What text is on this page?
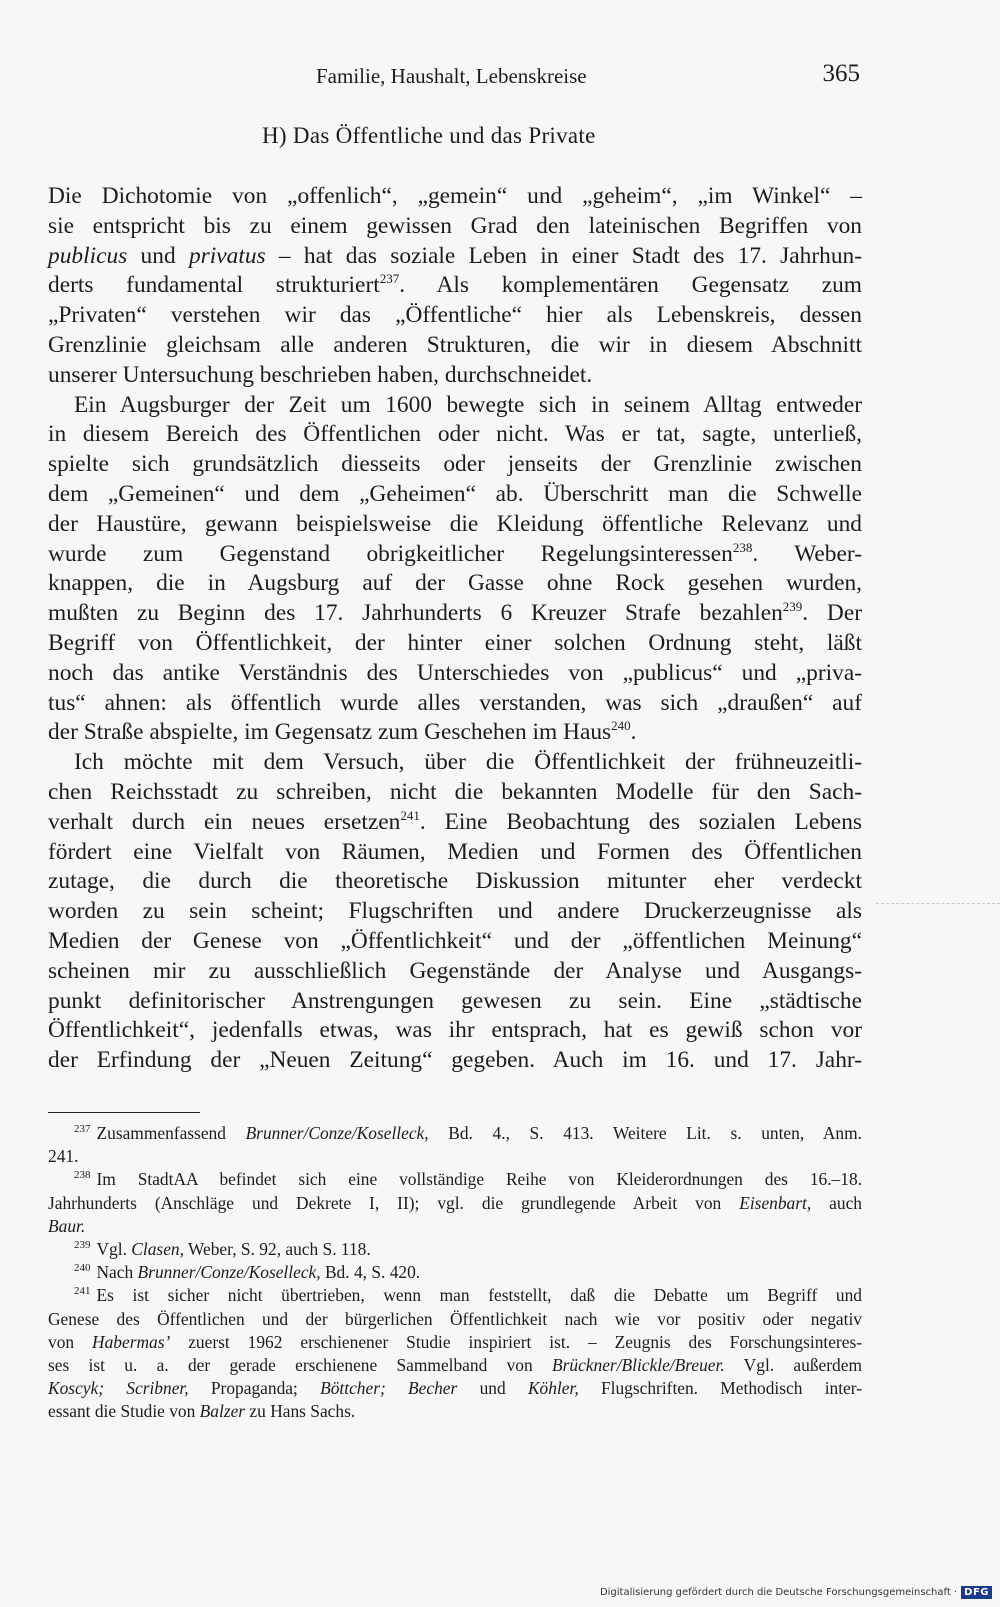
Familie, Haushalt, Lebenskreise	365
H) Das Öffentliche und das Private

Die Dichotomie von „offenlich“, „gemein“ und „geheim“, „im Winkel“ –
sie entspricht bis zu einem gewissen Grad den lateinischen Begriffen von
publicus und privatus – hat das soziale Leben in einer Stadt des 17. Jahrhun-
derts fundamental strukturiert$^{237}$. Als komplementären Gegensatz zum
„Privaten“ verstehen wir das „Öffentliche“ hier als Lebenskreis, dessen
Grenzlinie gleichsam alle anderen Strukturen, die wir in diesem Abschnitt
unserer Untersuchung beschrieben haben, durchschneidet.

Ein Augsburger der Zeit um 1600 bewegte sich in seinem Alltag entweder
in diesem Bereich des Öffentlichen oder nicht. Was er tat, sagte, unterließ,
spielte sich grundsätzlich diesseits oder jenseits der Grenzlinie zwischen
dem „Gemeinen“ und dem „Geheimen“ ab. Überschritt man die Schwelle
der Haustüre, gewann beispielsweise die Kleidung öffentliche Relevanz und
wurde zum Gegenstand obrigkeitlicher Regelungsinteressen$^{238}$. Weber-
knappen, die in Augsburg auf der Gasse ohne Rock gesehen wurden,
mußten zu Beginn des 17. Jahrhunderts 6 Kreuzer Strafe bezahlen$^{239}$. Der
Begriff von Öffentlichkeit, der hinter einer solchen Ordnung steht, läßt
noch das antike Verständnis des Unterschiedes von „publicus“ und „priva-
tus“ ahnen: als öffentlich wurde alles verstanden, was sich „draußen“ auf
der Straße abspielte, im Gegensatz zum Geschehen im Haus$^{240}$.

Ich möchte mit dem Versuch, über die Öffentlichkeit der frühneuzeitli-
chen Reichsstadt zu schreiben, nicht die bekannten Modelle für den Sach-
verhalt durch ein neues ersetzen$^{241}$. Eine Beobachtung des sozialen Lebens
fördert eine Vielfalt von Räumen, Medien und Formen des Öffentlichen
zutage, die durch die theoretische Diskussion mitunter eher verdeckt
worden zu sein scheint; Flugschriften und andere Druckerzeugnisse als
Medien der Genese von „Öffentlichkeit“ und der „öffentlichen Meinung“
scheinen mir zu ausschließlich Gegenstände der Analyse und Ausgangs-
punkt definitorischer Anstrengungen gewesen zu sein. Eine „städtische
Öffentlichkeit“, jedenfalls etwas, was ihr entsprach, hat es gewiß schon vor
der Erfindung der „Neuen Zeitung“ gegeben. Auch im 16. und 17. Jahr-

$^{237}$ Zusammenfassend Brunner/Conze/Koselleck, Bd. 4., S. 413. Weitere Lit. s. unten, Anm.
241.

$^{238}$ Im StadtAA befindet sich eine vollständige Reihe von Kleiderordnungen des 16.–18.
Jahrhunderts (Anschläge und Dekrete I, II); vgl. die grundlegende Arbeit von Eisenbart, auch
Baur.

$^{239}$ Vgl. Clasen, Weber, S. 92, auch S. 118.

$^{240}$ Nach Brunner/Conze/Koselleck, Bd. 4, S. 420.

$^{241}$ Es ist sicher nicht übertrieben, wenn man feststellt, daß die Debatte um Begriff und
Genese des Öffentlichen und der bürgerlichen Öffentlichkeit nach wie vor positiv oder negativ
von Habermas’ zuerst 1962 erschienener Studie inspiriert ist. – Zeugnis des Forschungsinteres-
ses ist u. a. der gerade erschienene Sammelband von Brückner/Blickle/Breuer. Vgl. außerdem
Koscyk; Scribner, Propaganda; Böttcher; Becher und Köhler, Flugschriften. Methodisch inter-
essant die Studie von Balzer zu Hans Sachs.

Digitalisierung gefördert durch die Deutsche Forschungsgemeinschaft · DFG
